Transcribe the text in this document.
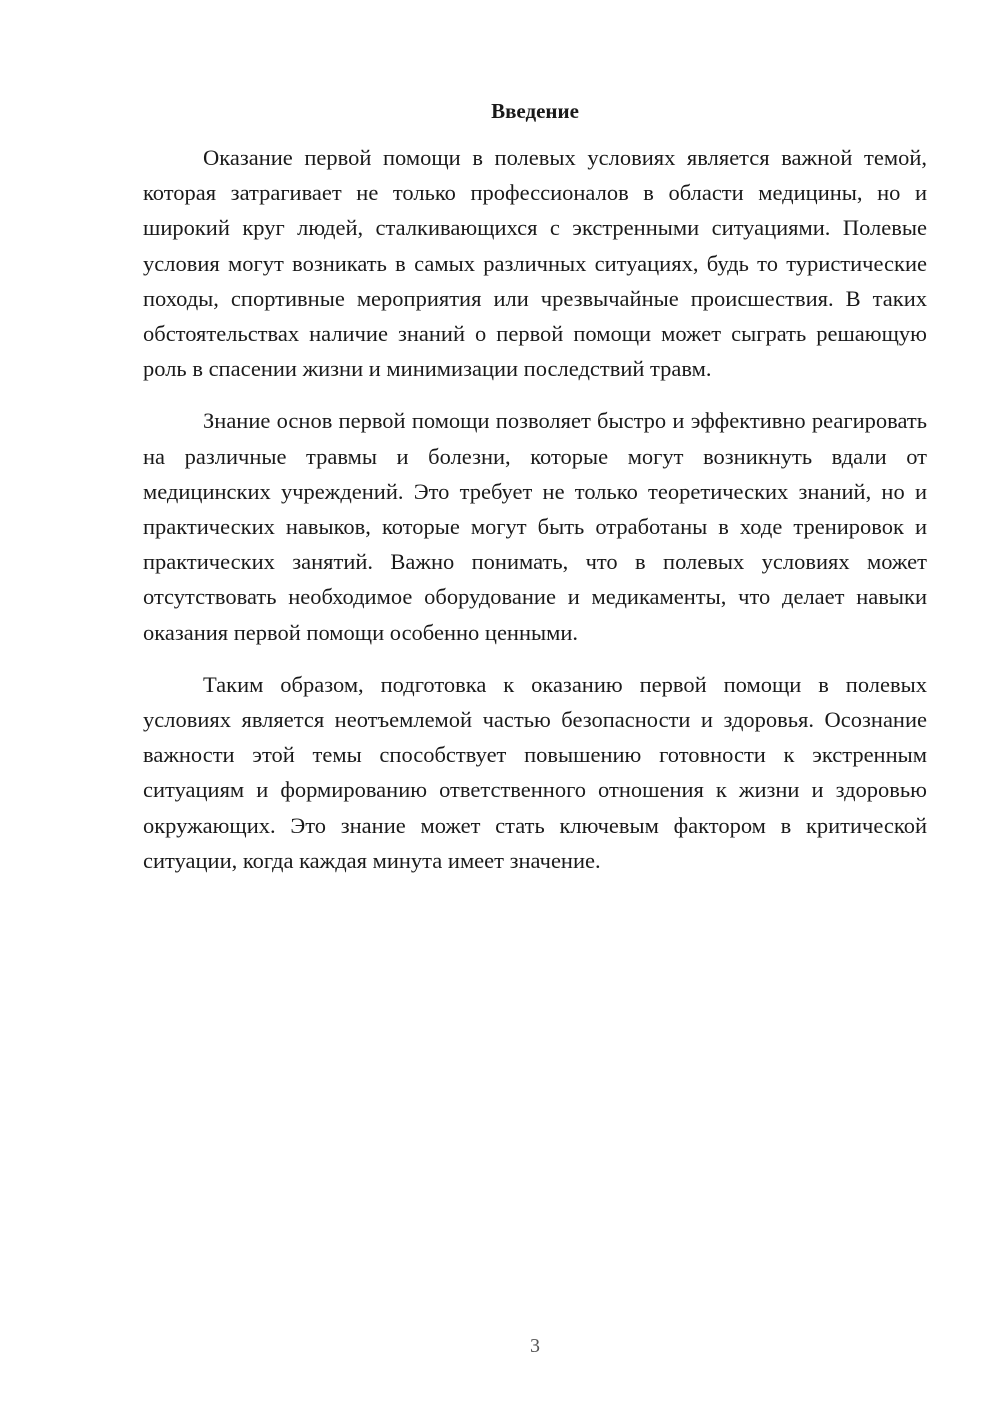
Введение

Оказание первой помощи в полевых условиях является важной темой, которая затрагивает не только профессионалов в области медицины, но и широкий круг людей, сталкивающихся с экстренными ситуациями. Полевые условия могут возникать в самых различных ситуациях, будь то туристические походы, спортивные мероприятия или чрезвычайные происшествия. В таких обстоятельствах наличие знаний о первой помощи может сыграть решающую роль в спасении жизни и минимизации последствий травм.

Знание основ первой помощи позволяет быстро и эффективно реагировать на различные травмы и болезни, которые могут возникнуть вдали от медицинских учреждений. Это требует не только теоретических знаний, но и практических навыков, которые могут быть отработаны в ходе тренировок и практических занятий. Важно понимать, что в полевых условиях может отсутствовать необходимое оборудование и медикаменты, что делает навыки оказания первой помощи особенно ценными.

Таким образом, подготовка к оказанию первой помощи в полевых условиях является неотъемлемой частью безопасности и здоровья. Осознание важности этой темы способствует повышению готовности к экстренным ситуациям и формированию ответственного отношения к жизни и здоровью окружающих. Это знание может стать ключевым фактором в критической ситуации, когда каждая минута имеет значение.

3
